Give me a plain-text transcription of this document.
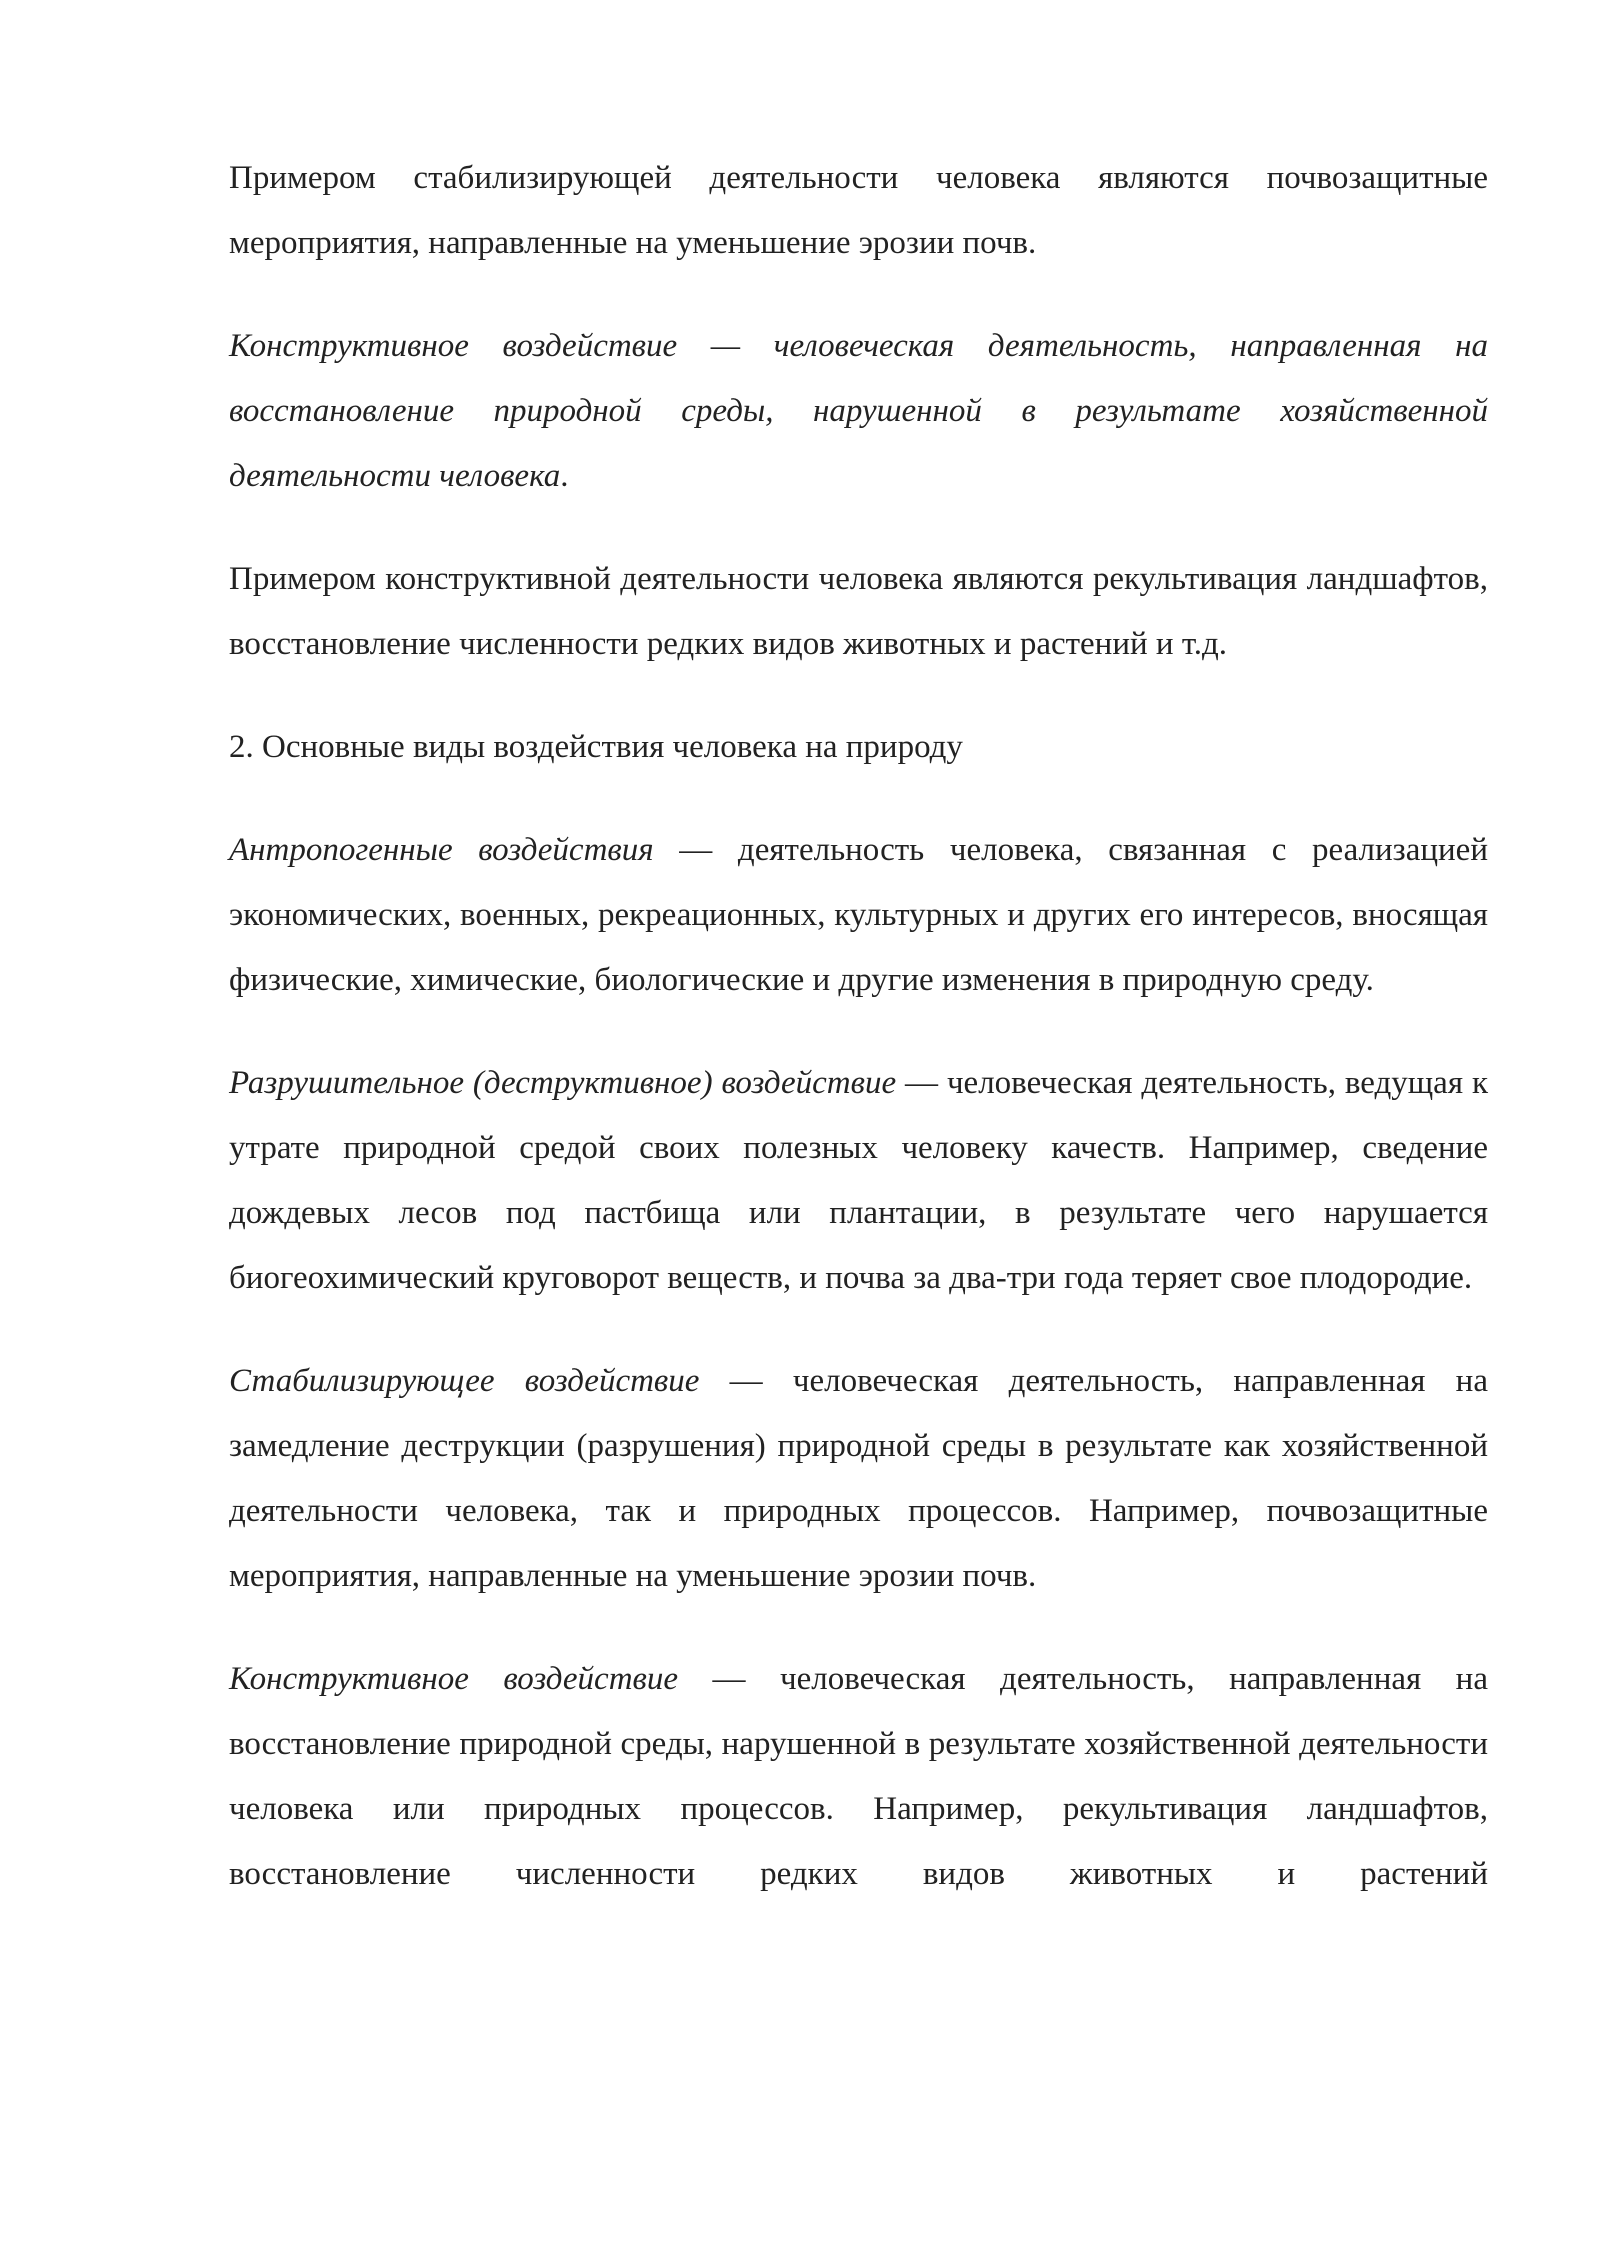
Примером стабилизирующей деятельности человека являются почвозащитные мероприятия, направленные на уменьшение эрозии почв.

Конструктивное воздействие — человеческая деятельность, направленная на восстановление природной среды, нарушенной в результате хозяйственной деятельности человека.

Примером конструктивной деятельности человека являются рекультивация ландшафтов, восстановление численности редких видов животных и растений и т.д.

2. Основные виды воздействия человека на природу

Антропогенные воздействия — деятельность человека, связанная с реализацией экономических, военных, рекреационных, культурных и других его интересов, вносящая физические, химические, биологические и другие изменения в природную среду.

Разрушительное (деструктивное) воздействие — человеческая деятельность, ведущая к утрате природной средой своих полезных человеку качеств. Например, сведение дождевых лесов под пастбища или плантации, в результате чего нарушается биогеохимический круговорот веществ, и почва за два-три года теряет свое плодородие.

Стабилизирующее воздействие — человеческая деятельность, направленная на замедление деструкции (разрушения) природной среды в результате как хозяйственной деятельности человека, так и природных процессов. Например, почвозащитные мероприятия, направленные на уменьшение эрозии почв.

Конструктивное воздействие — человеческая деятельность, направленная на восстановление природной среды, нарушенной в результате хозяйственной деятельности человека или природных процессов. Например, рекультивация ландшафтов, восстановление численности редких видов животных и растений
